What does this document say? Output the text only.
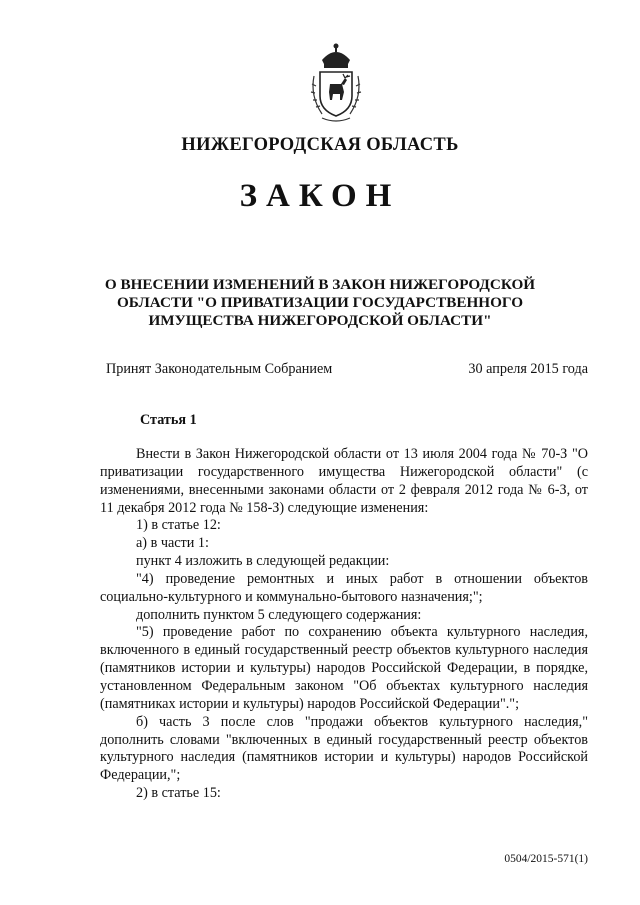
НИЖЕГОРОДСКАЯ ОБЛАСТЬ
ЗАКОН
О ВНЕСЕНИИ ИЗМЕНЕНИЙ В ЗАКОН НИЖЕГОРОДСКОЙ
ОБЛАСТИ "О ПРИВАТИЗАЦИИ ГОСУДАРСТВЕННОГО
ИМУЩЕСТВА НИЖЕГОРОДСКОЙ ОБЛАСТИ"
Принят Законодательным Собранием	30 апреля 2015 года
Статья 1

Внести в Закон Нижегородской области от 13 июля 2004 года № 70-З "О приватизации государственного имущества Нижегородской области" (с изменениями, внесенными законами области от 2 февраля 2012 года № 6-З, от 11 декабря 2012 года № 158-З) следующие изменения:

1) в статье 12:

а) в части 1:

пункт 4 изложить в следующей редакции:

"4) проведение ремонтных и иных работ в отношении объектов социально-культурного и коммунально-бытового назначения;";

дополнить пунктом 5 следующего содержания:

"5) проведение работ по сохранению объекта культурного наследия, включенного в единый государственный реестр объектов культурного наследия (памятников истории и культуры) народов Российской Федерации, в порядке, установленном Федеральным законом "Об объектах культурного наследия (памятниках истории и культуры) народов Российской Федерации".";

б) часть 3 после слов "продажи объектов культурного наследия," дополнить словами "включенных в единый государственный реестр объектов культурного наследия (памятников истории и культуры) народов Российской Федерации,";

2) в статье 15:

0504/2015-571(1)
